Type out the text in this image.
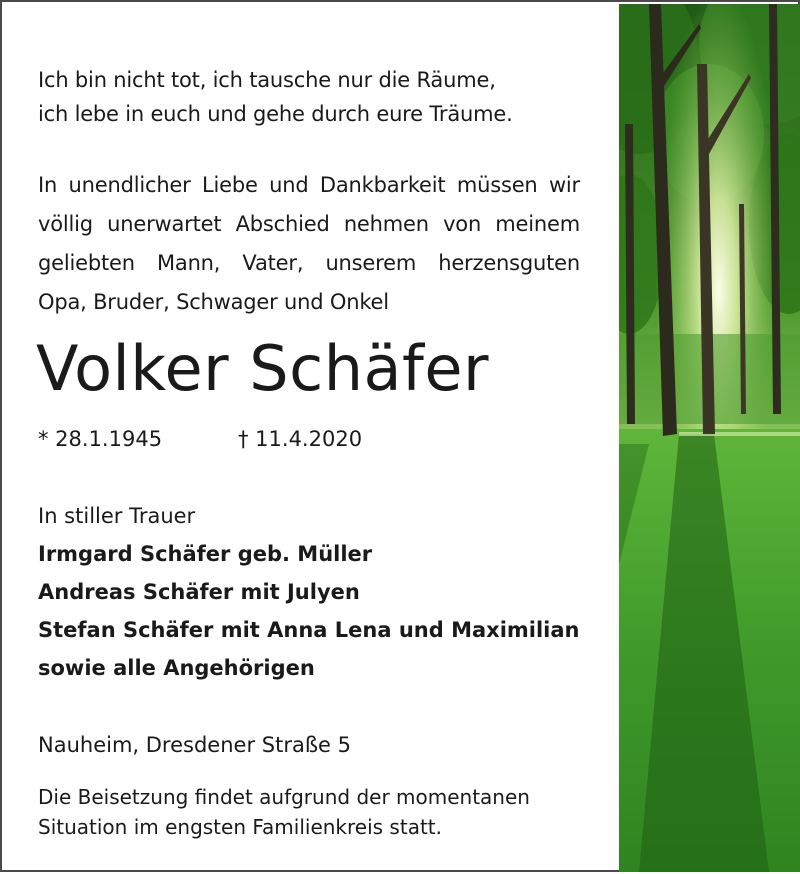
Ich bin nicht tot, ich tausche nur die Räume,
ich lebe in euch und gehe durch eure Träume.

In unendlicher Liebe und Dankbarkeit müssen wir
völlig unerwartet Abschied nehmen von meinem
geliebten Mann, Vater, unserem herzensguten
Opa, Bruder, Schwager und Onkel

Volker Schäfer
* 28.1.1945	† 11.4.2020
In stiller Trauer
Irmgard Schäfer geb. Müller
Andreas Schäfer mit Julyen
Stefan Schäfer mit Anna Lena und Maximilian
sowie alle Angehörigen

Nauheim, Dresdener Straße 5

Die Beisetzung findet aufgrund der momentanen
Situation im engsten Familienkreis statt.
